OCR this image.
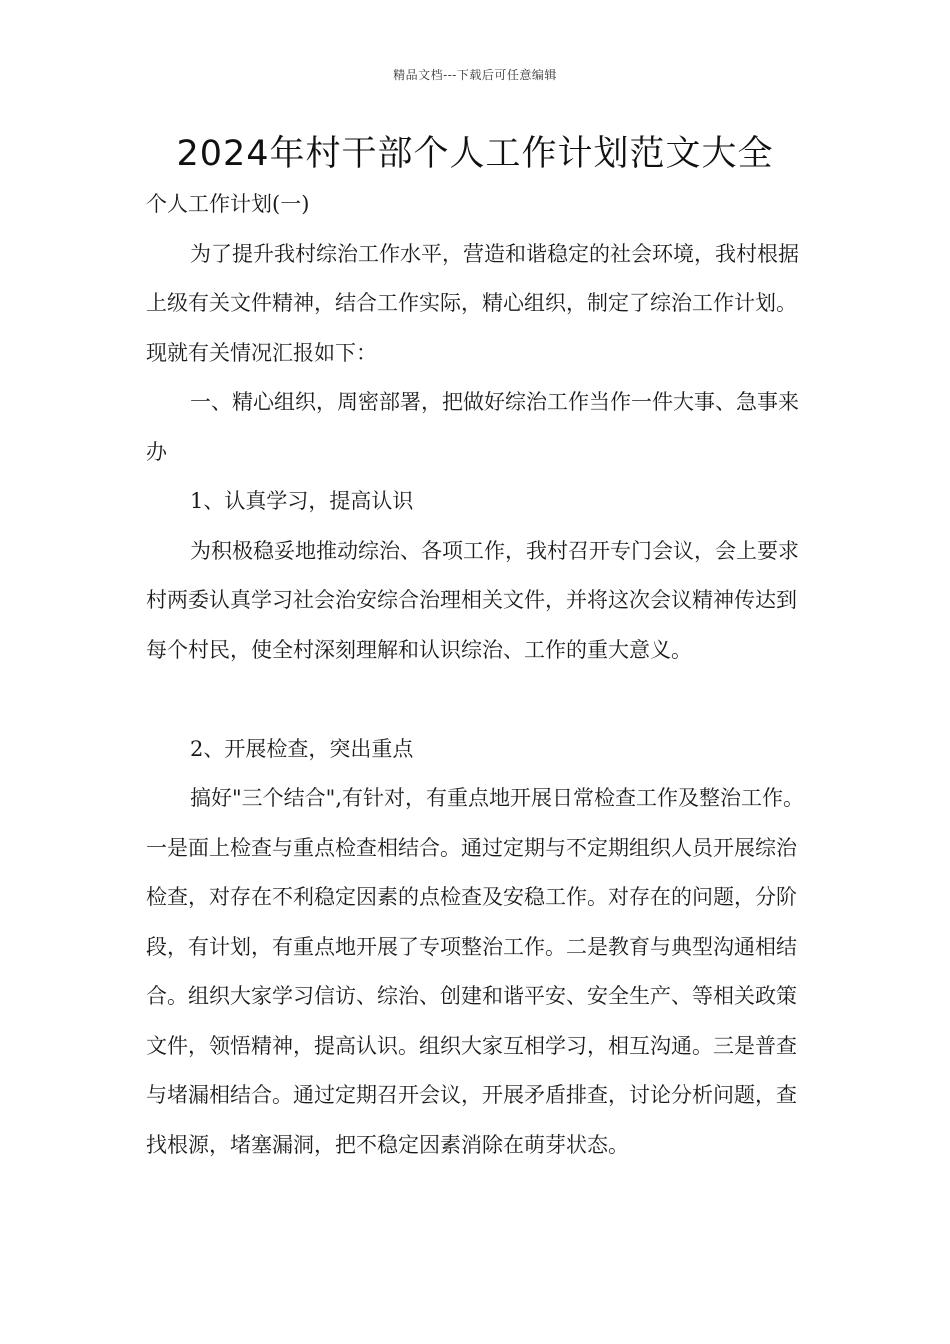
精品文档---下载后可任意编辑
2024年村干部个人工作计划范文大全

个人工作计划(一)

为了提升我村综治工作水平，营造和谐稳定的社会环境，我村根据上级有关文件精神，结合工作实际，精心组织，制定了综治工作计划。现就有关情况汇报如下：

一、精心组织，周密部署，把做好综治工作当作一件大事、急事来办

1、认真学习，提高认识

为积极稳妥地推动综治、各项工作，我村召开专门会议，会上要求村两委认真学习社会治安综合治理相关文件，并将这次会议精神传达到每个村民，使全村深刻理解和认识综治、工作的重大意义。

2、开展检查，突出重点

搞好"三个结合",有针对，有重点地开展日常检查工作及整治工作。一是面上检查与重点检查相结合。通过定期与不定期组织人员开展综治检查，对存在不利稳定因素的点检查及安稳工作。对存在的问题，分阶段，有计划，有重点地开展了专项整治工作。二是教育与典型沟通相结合。组织大家学习信访、综治、创建和谐平安、安全生产、等相关政策文件，领悟精神，提高认识。组织大家互相学习，相互沟通。三是普查与堵漏相结合。通过定期召开会议，开展矛盾排查，讨论分析问题，查找根源，堵塞漏洞，把不稳定因素消除在萌芽状态。
